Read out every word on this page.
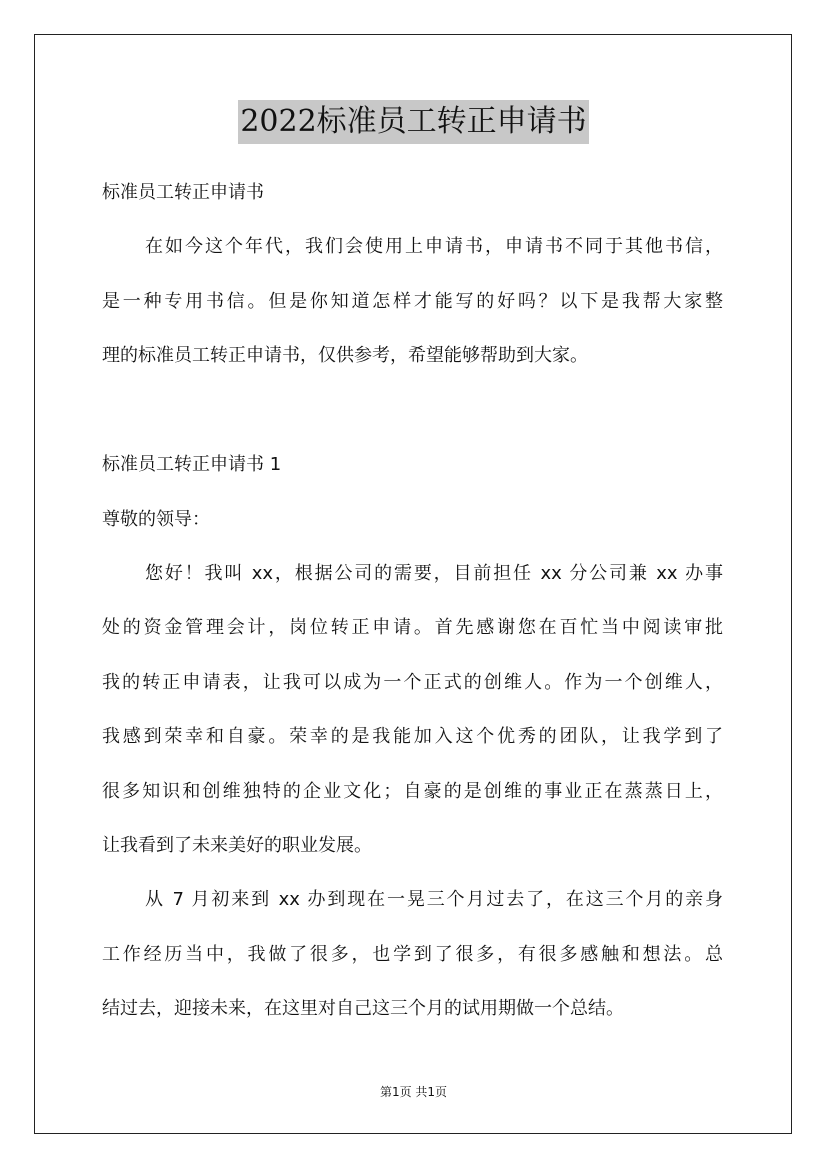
2022标准员工转正申请书
标准员工转正申请书
在如今这个年代，我们会使用上申请书，申请书不同于其他书信，
是一种专用书信。但是你知道怎样才能写的好吗？以下是我帮大家整
理的标准员工转正申请书，仅供参考，希望能够帮助到大家。
标准员工转正申请书 1
尊敬的领导：
您好！我叫 xx，根据公司的需要，目前担任 xx 分公司兼 xx 办事
处的资金管理会计，岗位转正申请。首先感谢您在百忙当中阅读审批
我的转正申请表，让我可以成为一个正式的创维人。作为一个创维人，
我感到荣幸和自豪。荣幸的是我能加入这个优秀的团队，让我学到了
很多知识和创维独特的企业文化；自豪的是创维的事业正在蒸蒸日上，
让我看到了未来美好的职业发展。
从 7 月初来到 xx 办到现在一晃三个月过去了，在这三个月的亲身
工作经历当中，我做了很多，也学到了很多，有很多感触和想法。总
结过去，迎接未来，在这里对自己这三个月的试用期做一个总结。
第1页 共1页
